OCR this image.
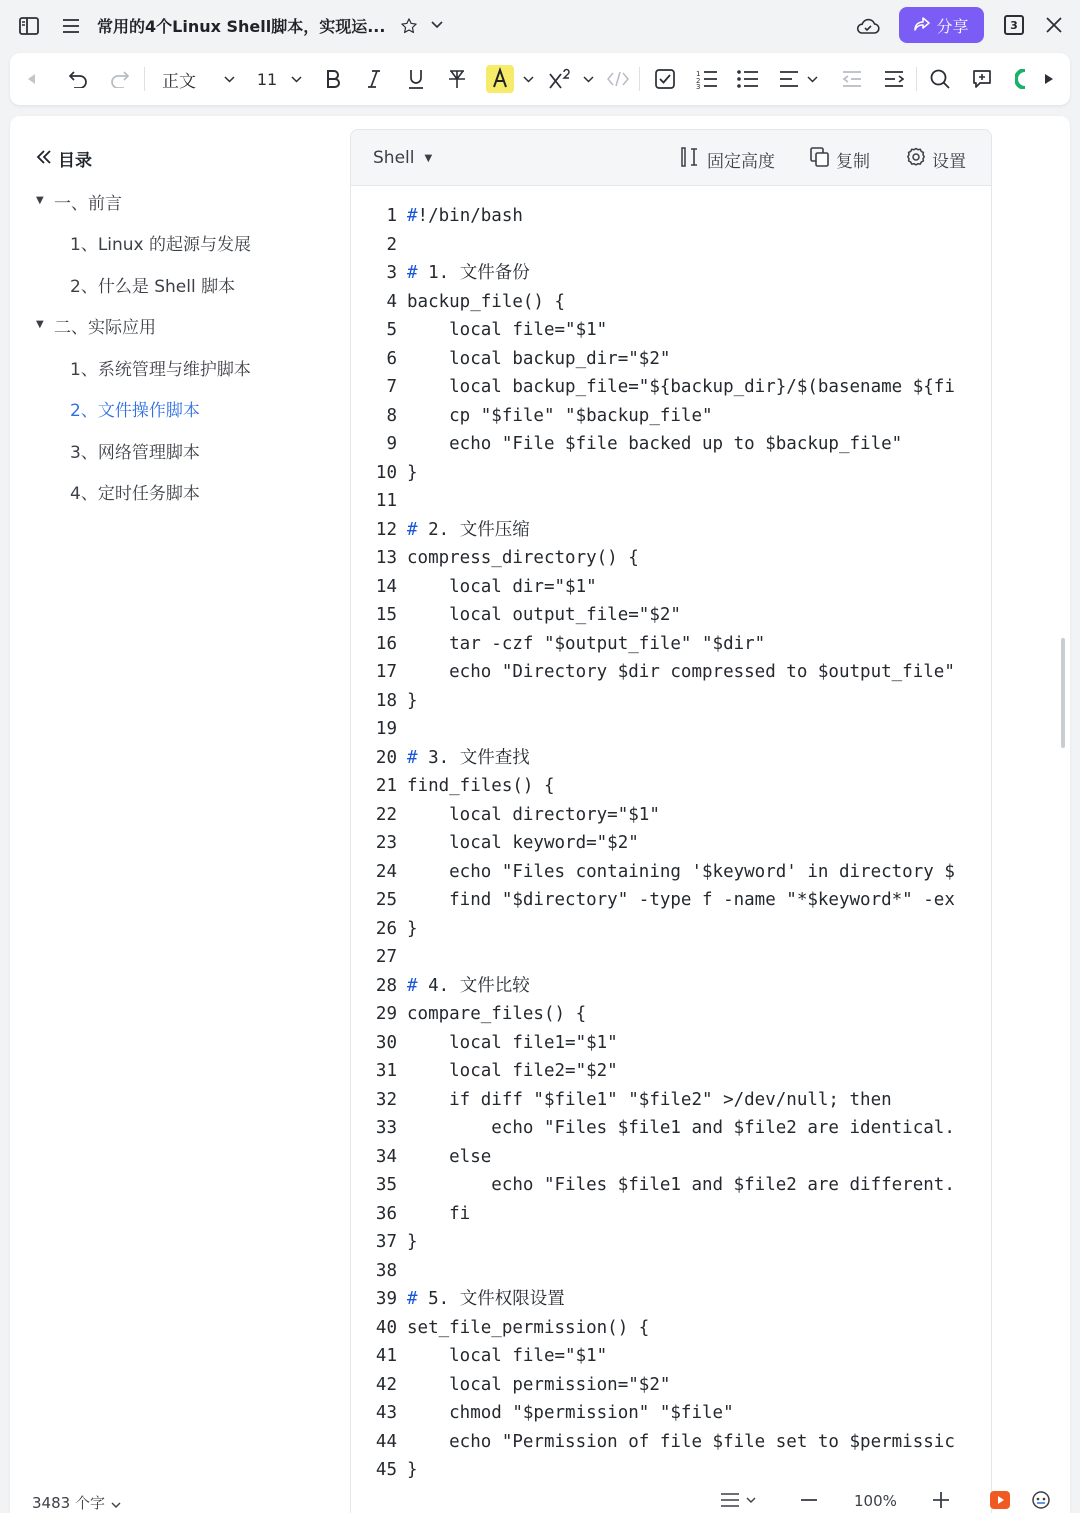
常用的4个Linux Shell脚本，实现运...	分享	3
正文	11	1
2
3
目录
▼ 一、前言
1、Linux 的起源与发展
2、什么是 Shell 脚本
▼ 二、实际应用
1、系统管理与维护脚本
2、文件操作脚本
3、网络管理脚本
4、定时任务脚本
Shell ▼	固定高度	复制	设置
1 #!/bin/bash
2
3 # 1. 文件备份
4 backup_file() {
5 local file="$1"
6 local backup_dir="$2"
7 local backup_file="${backup_dir}/$(basename ${fi
8 cp "$file" "$backup_file"
9 echo "File $file backed up to $backup_file"
10 }
11
12 # 2. 文件压缩
13 compress_directory() {
14 local dir="$1"
15 local output_file="$2"
16 tar -czf "$output_file" "$dir"
17 echo "Directory $dir compressed to $output_file"
18 }
19
20 # 3. 文件查找
21 find_files() {
22 local directory="$1"
23 local keyword="$2"
24 echo "Files containing '$keyword' in directory $
25 find "$directory" -type f -name "*$keyword*" -ex
26 }
27
28 # 4. 文件比较
29 compare_files() {
30 local file1="$1"
31 local file2="$2"
32 if diff "$file1" "$file2" >/dev/null; then
33 echo "Files $file1 and $file2 are identical.
34 else
35 echo "Files $file1 and $file2 are different.
36 fi
37 }
38
39 # 5. 文件权限设置
40 set_file_permission() {
41 local file="$1"
42 local permission="$2"
43 chmod "$permission" "$file"
44 echo "Permission of file $file set to $permissic
45 }
3483 个字	100%
